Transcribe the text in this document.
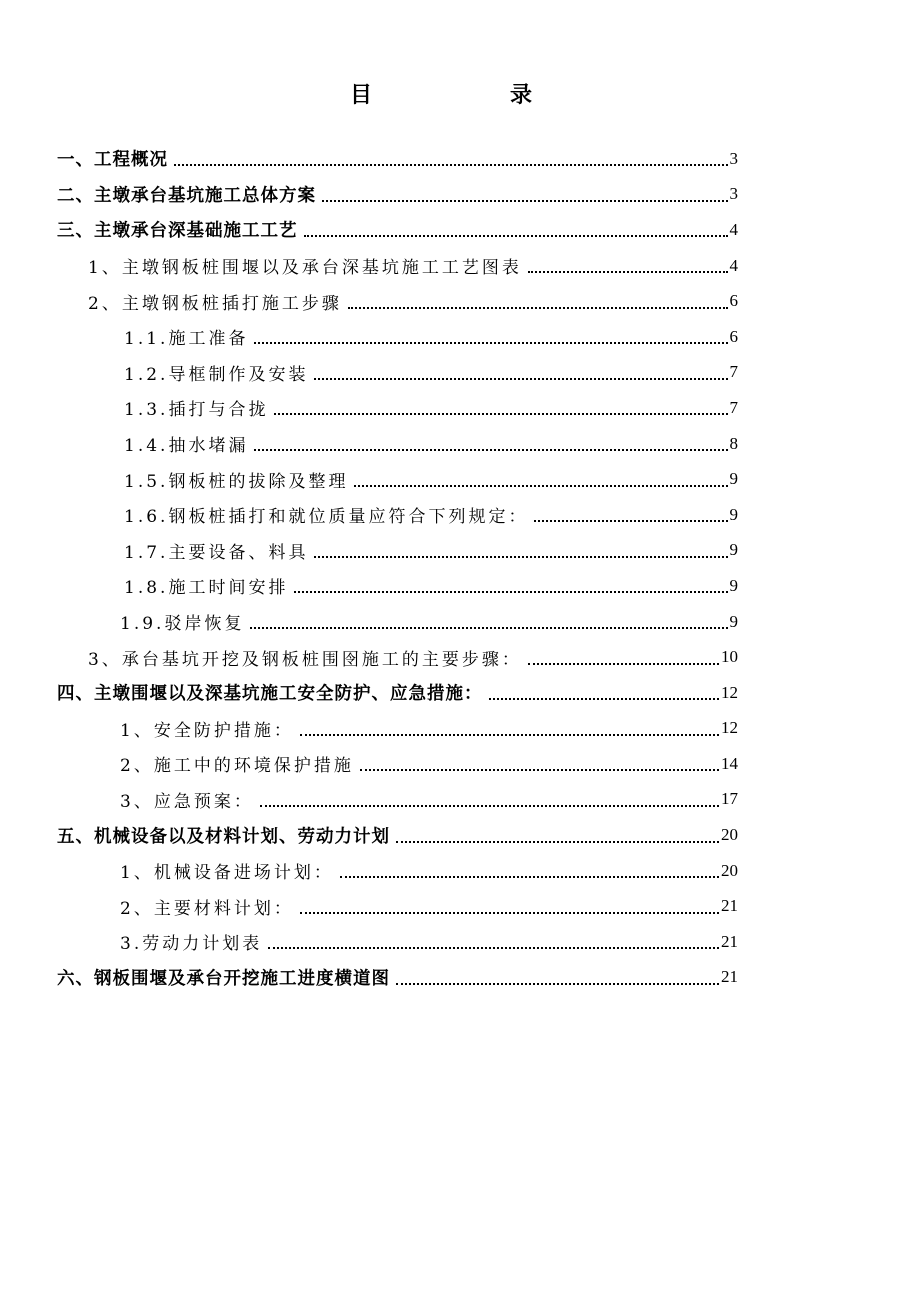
目　录
一、工程概况	3
二、主墩承台基坑施工总体方案	3
三、主墩承台深基础施工工艺	4
1、主墩钢板桩围堰以及承台深基坑施工工艺图表	4
2、主墩钢板桩插打施工步骤	6
1.1.施工准备	6
1.2.导框制作及安装	7
1.3.插打与合拢	7
1.4.抽水堵漏	8
1.5.钢板桩的拔除及整理	9
1.6.钢板桩插打和就位质量应符合下列规定：	9
1.7.主要设备、料具	9
1.8.施工时间安排	9
1.9.驳岸恢复	9
3、承台基坑开挖及钢板桩围囹施工的主要步骤：	10
四、主墩围堰以及深基坑施工安全防护、应急措施：	12
1、安全防护措施：	12
2、施工中的环境保护措施	14
3、应急预案：	17
五、机械设备以及材料计划、劳动力计划	20
1、机械设备进场计划：	20
2、主要材料计划：	21
3.劳动力计划表	21
六、钢板围堰及承台开挖施工进度横道图	21
